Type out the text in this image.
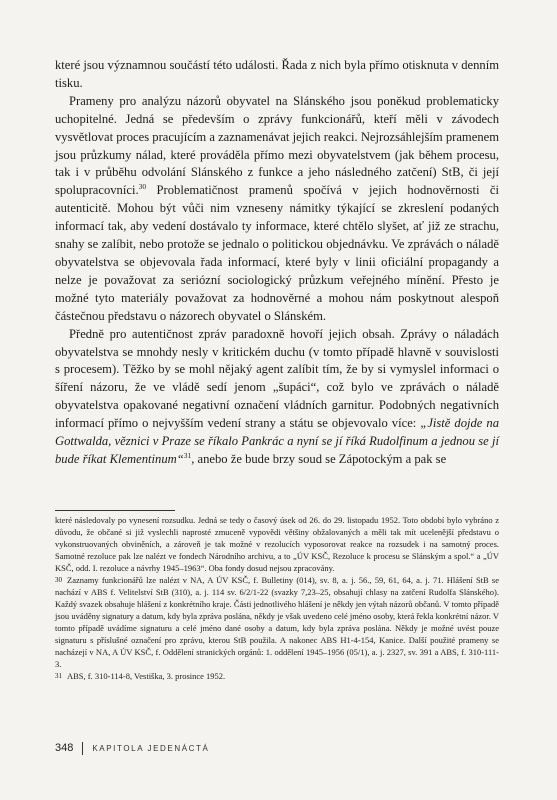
které jsou významnou součástí této události. Řada z nich byla přímo otisknuta v denním tisku.

Prameny pro analýzu názorů obyvatel na Slánského jsou poněkud problematicky uchopitelné. Jedná se především o zprávy funkcionářů, kteří měli v závodech vysvětlovat proces pracujícím a zaznamenávat jejich reakci. Nejrozsáhlejším pramenem jsou průzkumy nálad, které prováděla přímo mezi obyvatelstvem (jak během procesu, tak i v průběhu odvolání Slánského z funkce a jeho následného zatčení) StB, či její spolupracovníci.$^{30}$ Problematičnost pramenů spočívá v jejich hodnověrnosti či autenticitě. Mohou být vůči nim vzneseny námitky týkající se zkreslení podaných informací tak, aby vedení dostávalo ty informace, které chtělo slyšet, ať již ze strachu, snahy se zalíbit, nebo protože se jednalo o politickou objednávku. Ve zprávách o náladě obyvatelstva se objevovala řada informací, které byly v linii oficiální propagandy a nelze je považovat za seriózní sociologický průzkum veřejného mínění. Přesto je možné tyto materiály považovat za hodnověrné a mohou nám poskytnout alespoň částečnou představu o názorech obyvatel o Slánském.

Předně pro autentičnost zpráv paradoxně hovoří jejich obsah. Zprávy o náladách obyvatelstva se mnohdy nesly v kritickém duchu (v tomto případě hlavně v souvislosti s procesem). Těžko by se mohl nějaký agent zalíbit tím, že by si vymyslel informaci o šíření názoru, že ve vládě sedí jenom „šupáci“, což bylo ve zprávách o náladě obyvatelstva opakované negativní označení vládních garnitur. Podobných negativních informací přímo o nejvyšším vedení strany a státu se objevovalo více: „Jistě dojde na Gottwalda, věznici v Praze se říkalo Pankrác a nyní se jí říká Rudolfinum a jednou se jí bude říkat Klementinum“$^{31}$, anebo že bude brzy soud se Zápotockým a pak se

které následovaly po vynesení rozsudku. Jedná se tedy o časový úsek od 26. do 29. listopadu 1952. Toto období bylo vybráno z důvodu, že občané si již vyslechli naprosté zmuceně vypovědi většiny obžalovaných a měli tak mít ucelenější představu o vykonstruovaných obviněních, a zároveň je tak možné v rezolucích vyposorovat reakce na rozsudek i na samotný proces. Samotné rezoluce pak lze nalézt ve fondech Národního archivu, a to „ÚV KSČ, Rezoluce k procesu se Slánským a spol.“ a „ÚV KSČ, odd. I. rezoluce a návrhy 1945–1963“. Oba fondy dosud nejsou zpracovány.

30 Zaznamy funkcionářů lze nalézt v NA, A ÚV KSČ, f. Bulletiny (014), sv. 8, a. j. 56., 59, 61, 64, a. j. 71. Hlášení StB se nachází v ABS f. Velitelství StB (310), a. j. 114 sv. 6/2/1-22 (svazky 7,23–25, obsahují chlasy na zatčení Rudolfa Slánského). Každý svazek obsahuje hlášení z konkrétního kraje. Části jednotlivého hlášení je někdy jen výtah názorů občanů. V tomto případě jsou uváděny signatury a datum, kdy byla zpráva poslána, někdy je však uvedeno celé jméno osoby, která řekla konkrétní názor. V tomto případě uvádíme signaturu a celé jméno dané osoby a datum, kdy byla zpráva poslána. Někdy je možné uvést pouze signaturu s příslušné označení pro zprávu, kterou StB použila. A nakonec ABS H1-4-154, Kanice. Další použité prameny se nacházejí v NA, A ÚV KSČ, f. Oddělení stranických orgánů: 1. oddělení 1945–1956 (05/1), a. j. 2327, sv. 391 a ABS, f. 310-111-3.

31 ABS, f. 310-114-8, Vestiška, 3. prosince 1952.

348 KAPITOLA JEDENÁCTÁ
